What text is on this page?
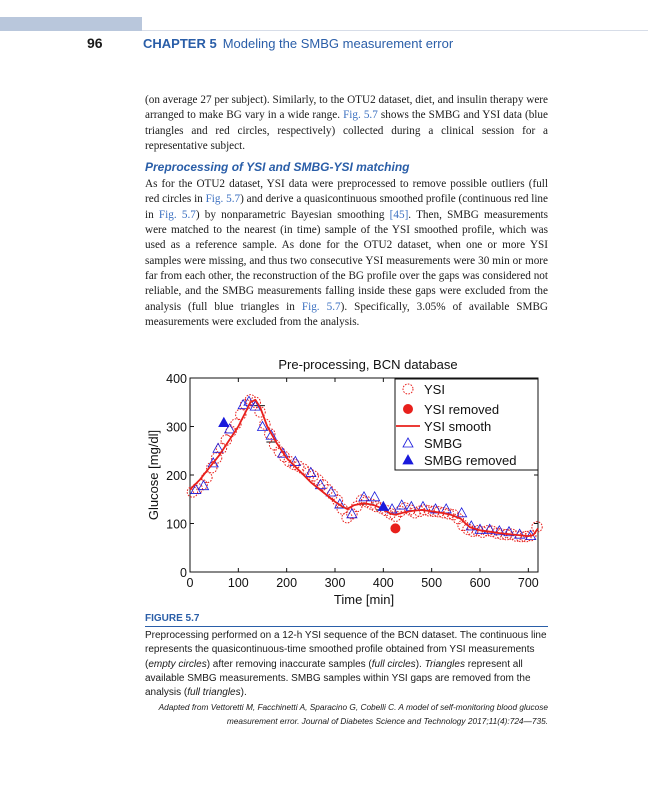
96	CHAPTER 5 Modeling the SMBG measurement error

(on average 27 per subject). Similarly, to the OTU2 dataset, diet, and insulin therapy were arranged to make BG vary in a wide range. Fig. 5.7 shows the SMBG and YSI data (blue triangles and red circles, respectively) collected during a clinical session for a representative subject.

Preprocessing of YSI and SMBG-YSI matching

As for the OTU2 dataset, YSI data were preprocessed to remove possible outliers (full red circles in Fig. 5.7) and derive a quasicontinuous smoothed profile (continuous red line in Fig. 5.7) by nonparametric Bayesian smoothing [45]. Then, SMBG measurements were matched to the nearest (in time) sample of the YSI smoothed profile, which was used as a reference sample. As done for the OTU2 dataset, when one or more YSI samples were missing, and thus two consecutive YSI measurements were 30 min or more far from each other, the reconstruction of the BG profile over the gaps was considered not reliable, and the SMBG measurements falling inside these gaps were excluded from the analysis (full blue triangles in Fig. 5.7). Specifically, 3.05% of available SMBG measurements were excluded from the analysis.

Pre-processing, BCN database
0	100 200 300 400 500 600 700
0
100
200
300
400
Time [min]
Glucose [mg/dl]
YSI
YSI removed
YSI smooth
SMBG
SMBG removed
FIGURE 5.7

Preprocessing performed on a 12-h YSI sequence of the BCN dataset. The continuous line represents the quasicontinuous-time smoothed profile obtained from YSI measurements (empty circles) after removing inaccurate samples (full circles). Triangles represent all available SMBG measurements. SMBG samples within YSI gaps are removed from the analysis (full triangles).

Adapted from Vettoretti M, Facchinetti A, Sparacino G, Cobelli C. A model of self-monitoring blood glucose
measurement error. Journal of Diabetes Science and Technology 2017;11(4):724—735.
